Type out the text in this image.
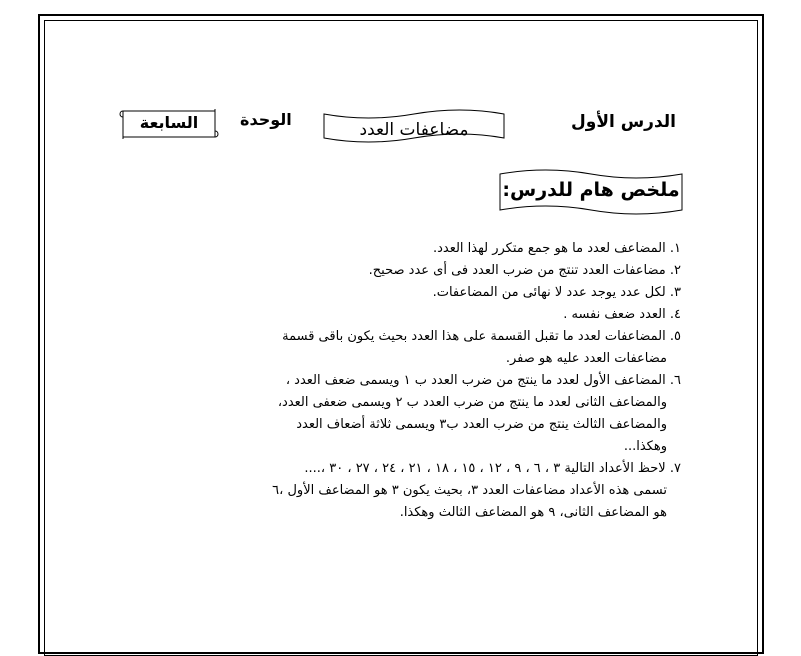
الدرس الأول
مضاعفات العدد
الوحدة
السابعة
ملخص هام للدرس:
١. المضاعف لعدد ما هو جمع متكرر لهذا العدد.
٢. مضاعفات العدد تنتج من ضرب العدد فى أى عدد صحيح.
٣. لكل عدد يوجد عدد لا نهائى من المضاعفات.
٤. العدد ضعف نفسه .
٥. المضاعفات لعدد ما تقبل القسمة على هذا العدد بحيث يكون باقى قسمة
مضاعفات العدد عليه هو صفر.
٦. المضاعف الأول لعدد ما ينتج من ضرب العدد ب ١ ويسمى ضعف العدد ،
والمضاعف الثانى لعدد ما ينتج من ضرب العدد ب ٢ ويسمى ضعفى العدد،
والمضاعف الثالث ينتج من ضرب العدد ب٣ ويسمى ثلاثة أضعاف العدد
وهكذا...
٧. لاحظ الأعداد التالية ٣ ، ٦ ، ٩ ، ١٢ ، ١٥ ، ١٨ ، ٢١ ، ٢٤ ، ٢٧ ، ٣٠ ،....
تسمى هذه الأعداد مضاعفات العدد ٣، بحيث يكون ٣ هو المضاعف الأول ،٦
هو المضاعف الثانى، ٩ هو المضاعف الثالث وهكذا.
